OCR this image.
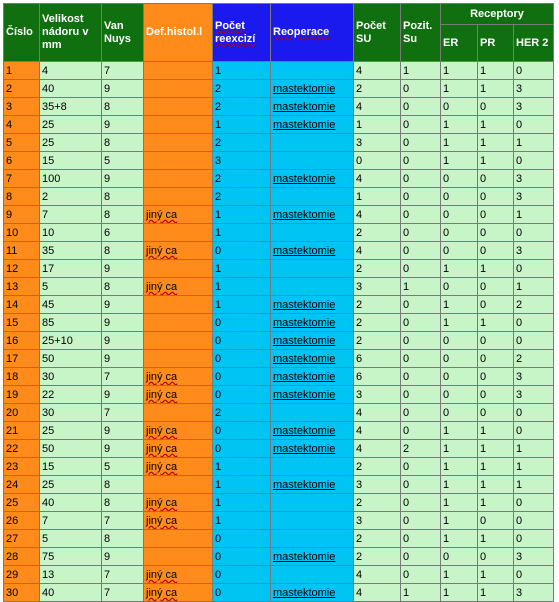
Číslo	Velikost nádoru v mm	Van Nuys	Def.histol.l	Počet reexcizí	Reoperace	Počet SU	Pozit. Su	Receptory		
								ER	PR	HER 2
1	4	7		1		4	1	1	1	0
2	40	9		2	mastektomie	2	0	1	1	3
3	35+8	8		2	mastektomie	4	0	0	0	3
4	25	9		1	mastektomie	1	0	1	1	0
5	25	8		2		3	0	1	1	1
6	15	5		3		0	0	1	1	0
7	100	9		2	mastektomie	4	0	0	0	3
8	2	8		2		1	0	0	0	3
9	7	8	jiný ca	1	mastektomie	4	0	0	0	1
10	10	6		1		2	0	0	0	0
11	35	8	jiný ca	0	mastektomie	4	0	0	0	3
12	17	9		1		2	0	1	1	0
13	5	8	jiný ca	1		3	1	0	0	1
14	45	9		1	mastektomie	2	0	1	0	2
15	85	9		0	mastektomie	2	0	1	1	0
16	25+10	9		0	mastektomie	2	0	0	0	0
17	50	9		0	mastektomie	6	0	0	0	2
18	30	7	jiný ca	0	mastektomie	6	0	0	0	3
19	22	9	jiný ca	0	mastektomie	3	0	0	0	3
20	30	7		2		4	0	0	0	0
21	25	9	jiný ca	0	mastektomie	4	0	1	1	0
22	50	9	jiný ca	0	mastektomie	4	2	1	1	1
23	15	5	jiný ca	1		2	0	1	1	1
24	25	8		1	mastektomie	3	0	1	1	1
25	40	8	jiný ca	1		2	0	1	1	0
26	7	7	jiný ca	1		3	0	1	0	0
27	5	8		0		2	0	1	1	0
28	75	9		0	mastektomie	2	0	0	0	3
29	13	7	jiný ca	0		4	0	1	1	0
30	40	7	jiný ca	0	mastektomie	4	1	1	1	3
